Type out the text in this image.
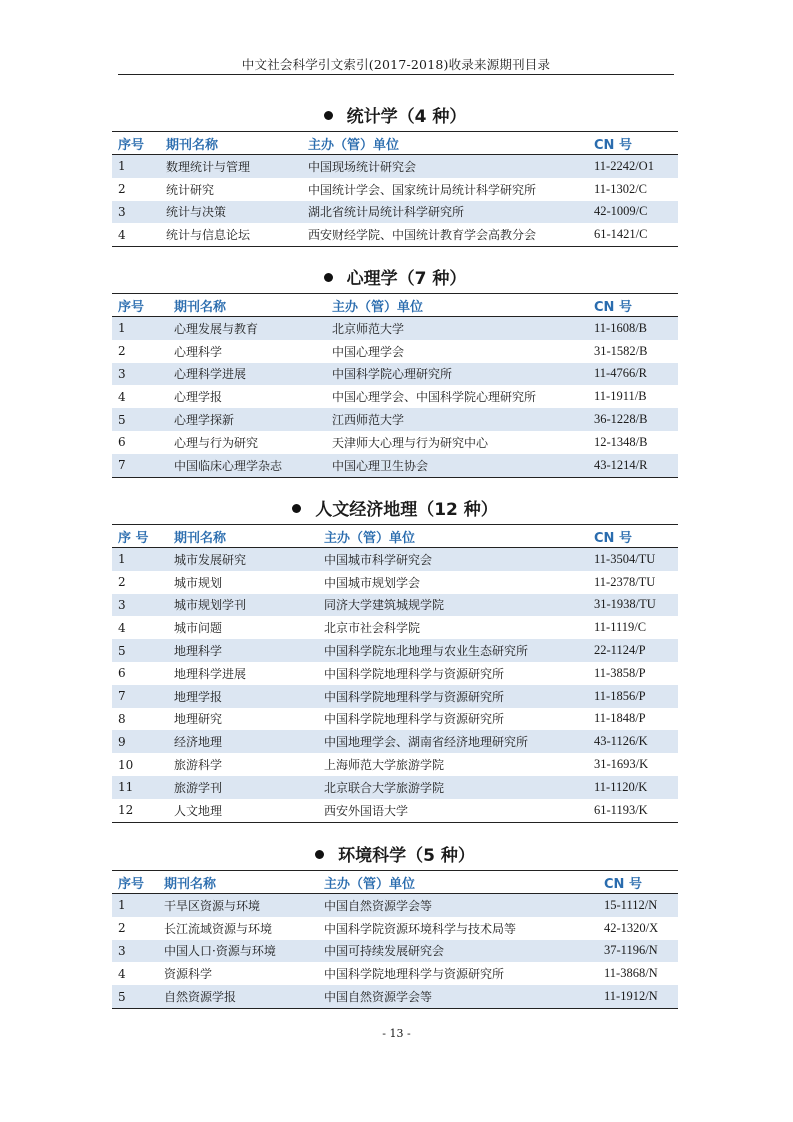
中文社会科学引文索引(2017-2018)收录来源期刊目录
统计学（4 种）
序号	期刊名称	主办（管）单位	CN 号
1	数理统计与管理	中国现场统计研究会	11-2242/O1
2	统计研究	中国统计学会、国家统计局统计科学研究所	11-1302/C
3	统计与决策	湖北省统计局统计科学研究所	42-1009/C
4	统计与信息论坛	西安财经学院、中国统计教育学会高教分会	61-1421/C
心理学（7 种）
序号	期刊名称	主办（管）单位	CN 号
1	心理发展与教育	北京师范大学	11-1608/B
2	心理科学	中国心理学会	31-1582/B
3	心理科学进展	中国科学院心理研究所	11-4766/R
4	心理学报	中国心理学会、中国科学院心理研究所	11-1911/B
5	心理学探新	江西师范大学	36-1228/B
6	心理与行为研究	天津师大心理与行为研究中心	12-1348/B
7	中国临床心理学杂志	中国心理卫生协会	43-1214/R
人文经济地理（12 种）
序 号	期刊名称	主办（管）单位	CN 号
1	城市发展研究	中国城市科学研究会	11-3504/TU
2	城市规划	中国城市规划学会	11-2378/TU
3	城市规划学刊	同济大学建筑城规学院	31-1938/TU
4	城市问题	北京市社会科学院	11-1119/C
5	地理科学	中国科学院东北地理与农业生态研究所	22-1124/P
6	地理科学进展	中国科学院地理科学与资源研究所	11-3858/P
7	地理学报	中国科学院地理科学与资源研究所	11-1856/P
8	地理研究	中国科学院地理科学与资源研究所	11-1848/P
9	经济地理	中国地理学会、湖南省经济地理研究所	43-1126/K
10	旅游科学	上海师范大学旅游学院	31-1693/K
11	旅游学刊	北京联合大学旅游学院	11-1120/K
12	人文地理	西安外国语大学	61-1193/K
环境科学（5 种）
序号	期刊名称	主办（管）单位	CN 号
1	干旱区资源与环境	中国自然资源学会等	15-1112/N
2	长江流域资源与环境	中国科学院资源环境科学与技术局等	42-1320/X
3	中国人口·资源与环境	中国可持续发展研究会	37-1196/N
4	资源科学	中国科学院地理科学与资源研究所	11-3868/N
5	自然资源学报	中国自然资源学会等	11-1912/N
- 13 -
